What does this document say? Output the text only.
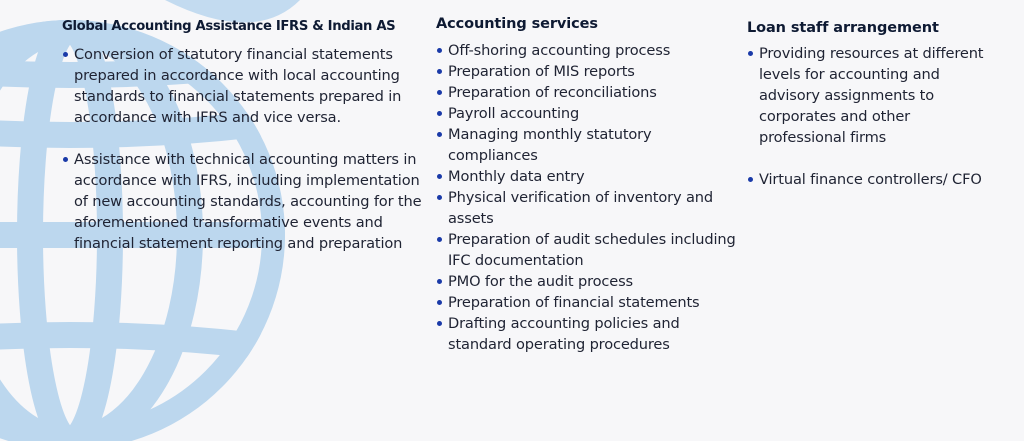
Global Accounting Assistance IFRS & Indian AS
Conversion of statutory financial statements prepared in accordance with local accounting standards to financial statements prepared in accordance with IFRS and vice versa.
Assistance with technical accounting matters in accordance with IFRS, including implementation of new accounting standards, accounting for the aforementioned transformative events and financial statement reporting and preparation
Accounting services
Off-shoring accounting process
Preparation of MIS reports
Preparation of reconciliations
Payroll accounting
Managing monthly statutory compliances
Monthly data entry
Physical verification of inventory and assets
Preparation of audit schedules including IFC documentation
PMO for the audit process
Preparation of financial statements
Drafting accounting policies and standard operating procedures
Loan staff arrangement
Providing resources at different levels for accounting and advisory assignments to corporates and other professional firms
Virtual finance controllers/ CFO
